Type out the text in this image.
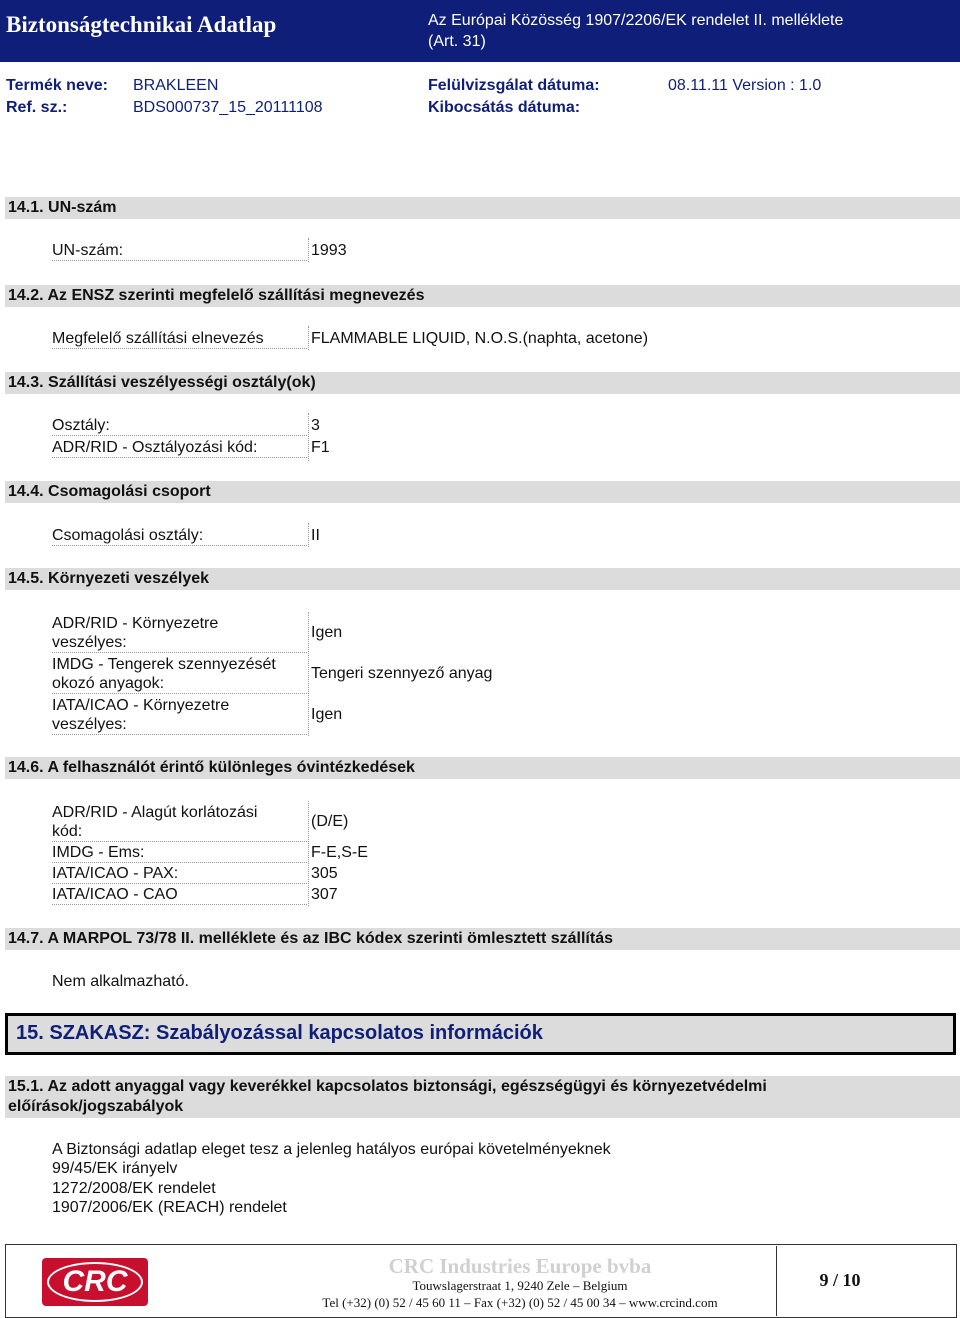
Biztonságtechnikai Adatlap	Az Európai Közösség 1907/2206/EK rendelet II. melléklete (Art. 31)
Termék neve: BRAKLEEN
Ref. sz.:	BDS000737_15_20111108
Felülvizsgálat dátuma:	08.11.11 Version : 1.0
Kibocsátás dátuma:
14.1. UN-szám
UN-szám:	1993
14.2. Az ENSZ szerinti megfelelő szállítási megnevezés
Megfelelő szállítási elnevezés	FLAMMABLE LIQUID, N.O.S.(naphta, acetone)
14.3. Szállítási veszélyességi osztály(ok)
Osztály:	3
ADR/RID - Osztályozási kód:	F1
14.4. Csomagolási csoport
Csomagolási osztály:	II
14.5. Környezeti veszélyek
ADR/RID - Környezetre
veszélyes:
Igen
IMDG - Tengerek szennyezését
okozó anyagok:
Tengeri szennyező anyag
IATA/ICAO - Környezetre
veszélyes:
Igen
14.6. A felhasználót érintő különleges óvintézkedések
ADR/RID - Alagút korlátozási
kód:
(D/E)
IMDG - Ems:	F-E,S-E
IATA/ICAO - PAX:	305
IATA/ICAO - CAO	307
14.7. A MARPOL 73/78 II. melléklete és az IBC kódex szerinti ömlesztett szállítás
Nem alkalmazható.
15. SZAKASZ: Szabályozással kapcsolatos információk
15.1. Az adott anyaggal vagy keverékkel kapcsolatos biztonsági, egészségügyi és környezetvédelmi
előírások/jogszabályok
A Biztonsági adatlap eleget tesz a jelenleg hatályos európai követelményeknek
99/45/EK irányelv
1272/2008/EK rendelet
1907/2006/EK (REACH) rendelet
CRC	CRC Industries Europe bvba
Touwslagerstraat 1, 9240 Zele – Belgium
Tel (+32) (0) 52 / 45 60 11 – Fax (+32) (0) 52 / 45 00 34 – www.crcind.com
9 / 10
